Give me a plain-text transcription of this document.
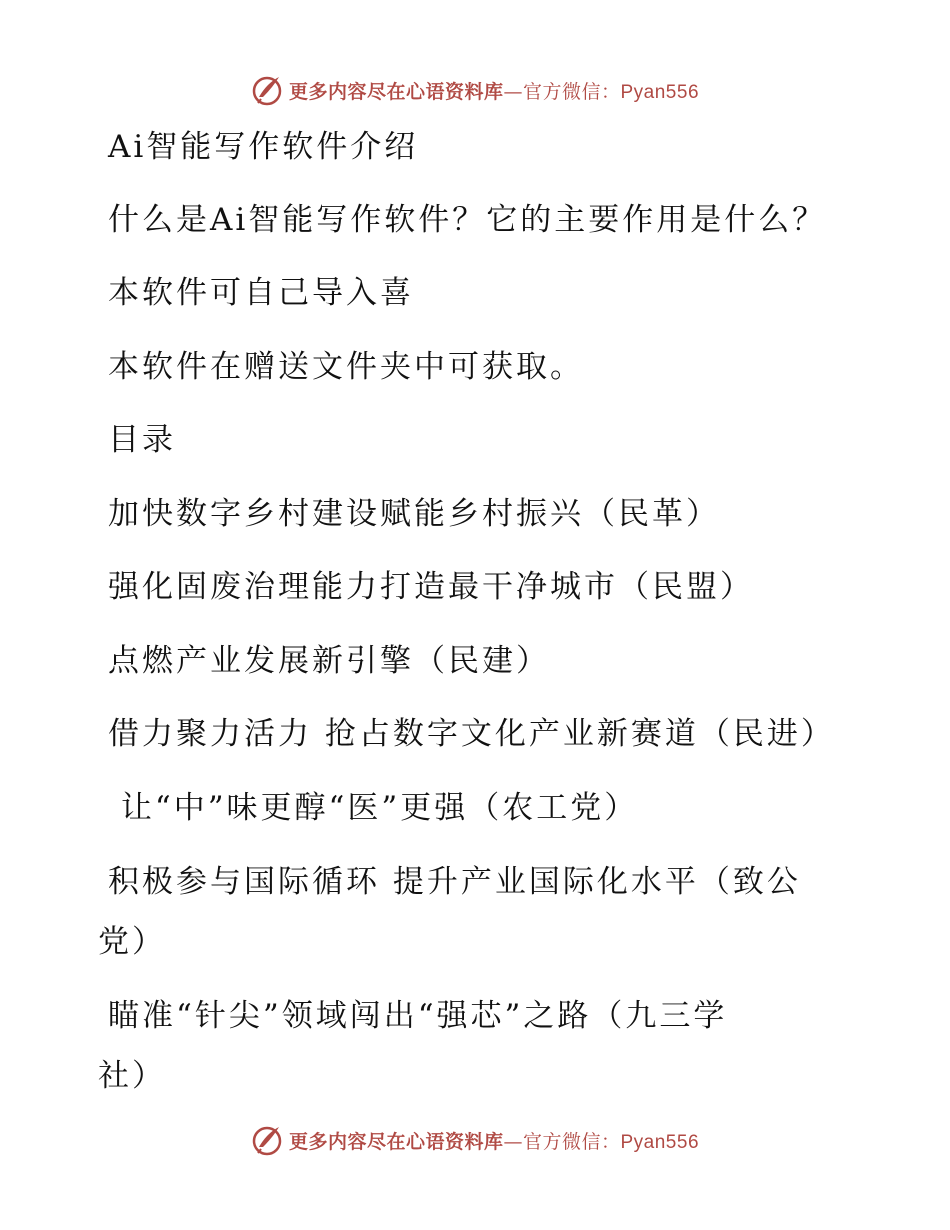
更多内容尽在心语资料库—官方微信：Pyan556
Ai智能写作软件介绍
什么是Ai智能写作软件？它的主要作用是什么？
本软件可自己导入喜
本软件在赠送文件夹中可获取。
目录
加快数字乡村建设赋能乡村振兴（民革）
强化固废治理能力打造最干净城市（民盟）
点燃产业发展新引擎（民建）
借力聚力活力 抢占数字文化产业新赛道（民进）
让“中”味更醇“医”更强（农工党）
积极参与国际循环 提升产业国际化水平（致公
党）
瞄准“针尖”领域闯出“强芯”之路（九三学
社）
更多内容尽在心语资料库—官方微信：Pyan556
